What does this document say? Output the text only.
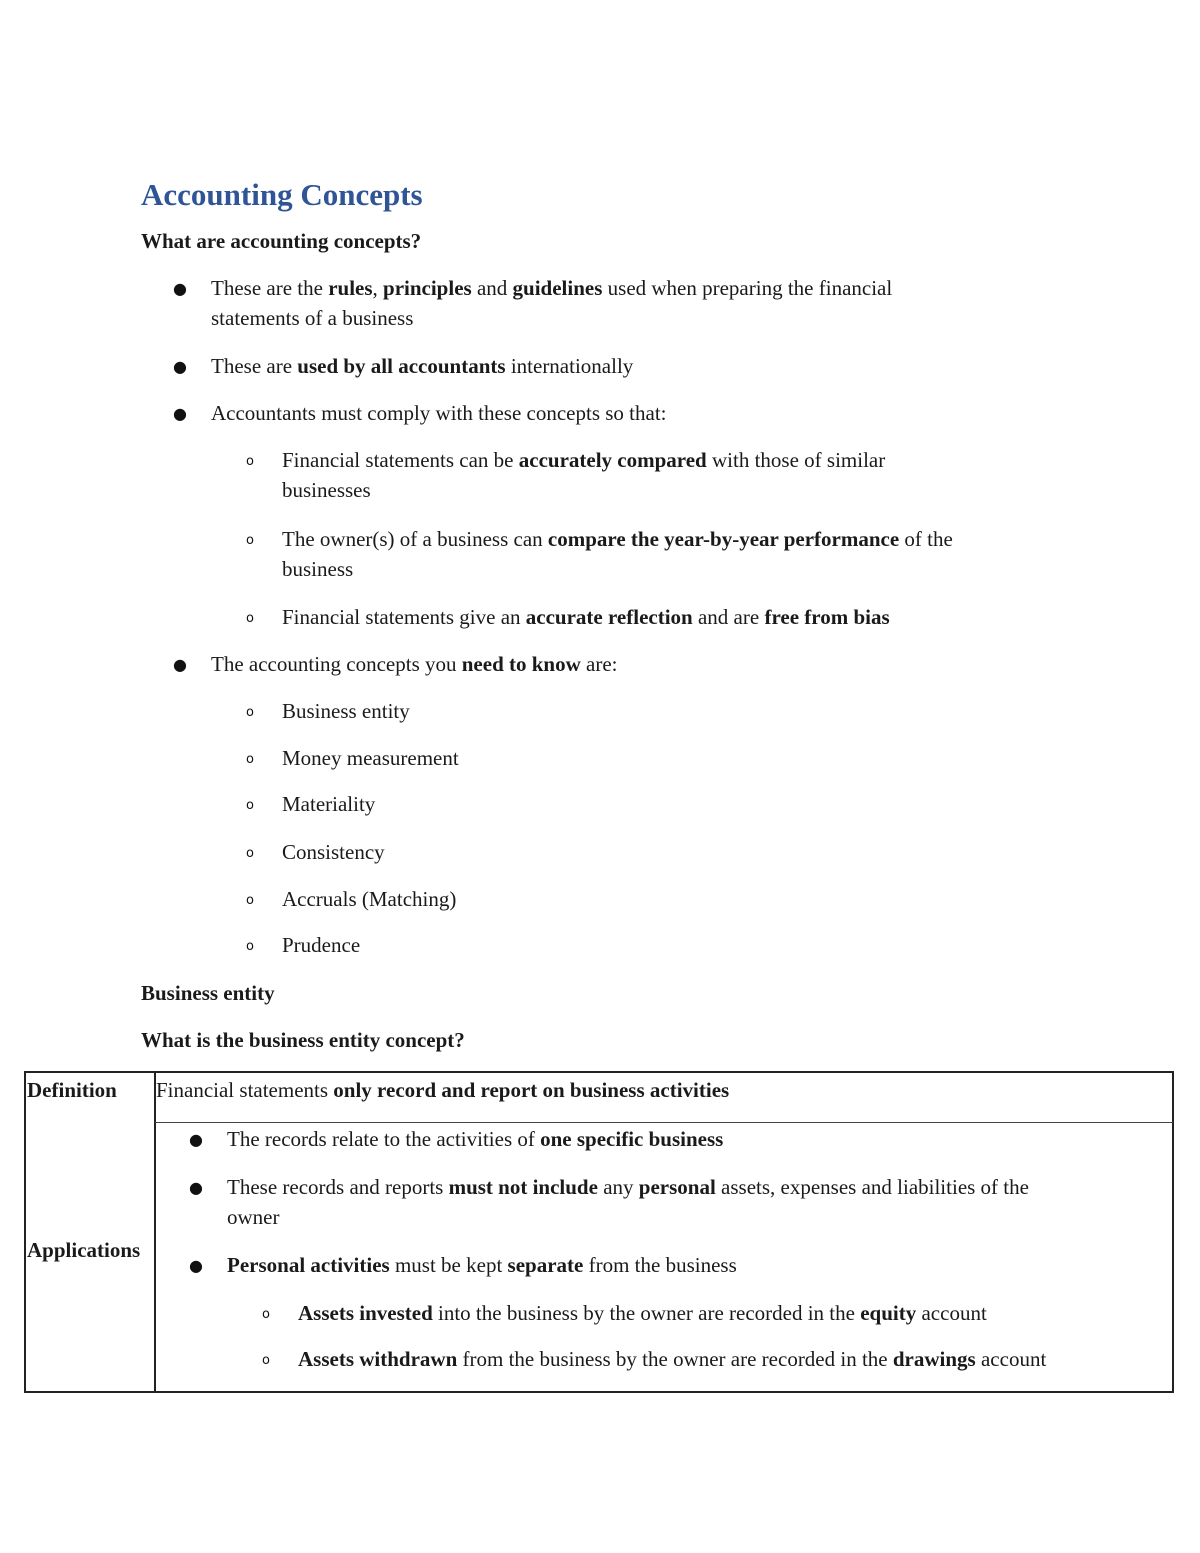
Accounting Concepts

What are accounting concepts?

● These are the rules, principles and guidelines used when preparing the financial
statements of a business

● These are used by all accountants internationally

● Accountants must comply with these concepts so that:

o Financial statements can be accurately compared with those of similar
businesses

o The owner(s) of a business can compare the year-by-year performance of the
business

o Financial statements give an accurate reflection and are free from bias

● The accounting concepts you need to know are:

o Business entity

o Money measurement

o Materiality

o Consistency

o Accruals (Matching)

o Prudence

Business entity

What is the business entity concept?

Definition Financial statements only record and report on business activities

Applications

● The records relate to the activities of one specific business

● These records and reports must not include any personal assets, expenses and liabilities of the
owner

● Personal activities must be kept separate from the business

o Assets invested into the business by the owner are recorded in the equity account

o Assets withdrawn from the business by the owner are recorded in the drawings account
